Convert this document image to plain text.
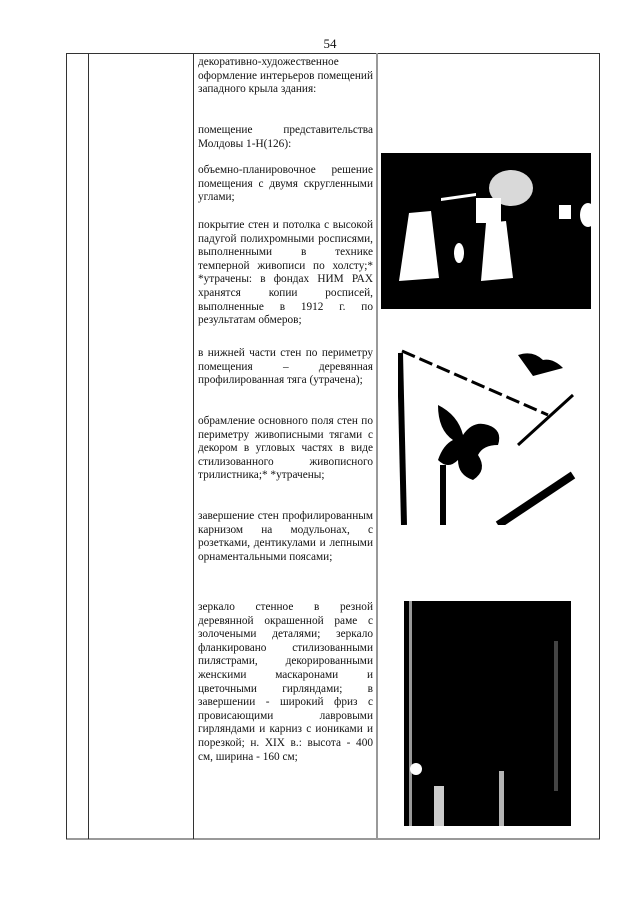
54
декоративно-художественное оформление интерьеров помещений западного крыла здания:
помещение представительства Молдовы 1-Н(126):
объемно-планировочное решение помещения с двумя скругленными углами;
покрытие стен и потолка с высокой падугой полихромными росписями, выполненными в технике темперной живописи по холсту;* *утрачены: в фондах НИМ РАХ хранятся копии росписей, выполненные в 1912 г. по результатам обмеров;
в нижней части стен по периметру помещения – деревянная профилированная тяга (утрачена);
обрамление основного поля стен по периметру живописными тягами с декором в угловых частях в виде стилизованного живописного трилистника;* *утрачены;
завершение стен профилированным карнизом на модульонах, с розетками, дентикулами и лепными орнаментальными поясами;
зеркало стенное в резной деревянной окрашенной раме с золочеными деталями; зеркало фланкировано стилизованными пилястрами, декорированными женскими маскаронами и цветочными гирляндами; в завершении - широкий фриз с провисающими лавровыми гирляндами и карниз с иониками и порезкой; н. XIX в.: высота - 400 см, ширина - 160 см;
